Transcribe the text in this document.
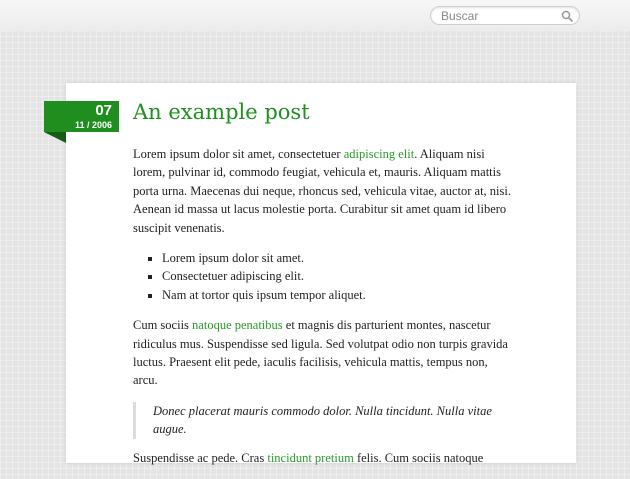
Buscar
07
11 / 2006
An example post

Lorem ipsum dolor sit amet, consectetuer adipiscing elit. Aliquam nisi lorem, pulvinar id, commodo feugiat, vehicula et, mauris. Aliquam mattis porta urna. Maecenas dui neque, rhoncus sed, vehicula vitae, auctor at, nisi. Aenean id massa ut lacus molestie porta. Curabitur sit amet quam id libero suscipit venenatis.

▪ Lorem ipsum dolor sit amet.
▪ Consectetuer adipiscing elit.
▪ Nam at tortor quis ipsum tempor aliquet.

Cum sociis natoque penatibus et magnis dis parturient montes, nascetur ridiculus mus. Suspendisse sed ligula. Sed volutpat odio non turpis gravida luctus. Praesent elit pede, iaculis facilisis, vehicula mattis, tempus non, arcu.

Donec placerat mauris commodo dolor. Nulla tincidunt. Nulla vitae augue.

Suspendisse ac pede. Cras tincidunt pretium felis. Cum sociis natoque
